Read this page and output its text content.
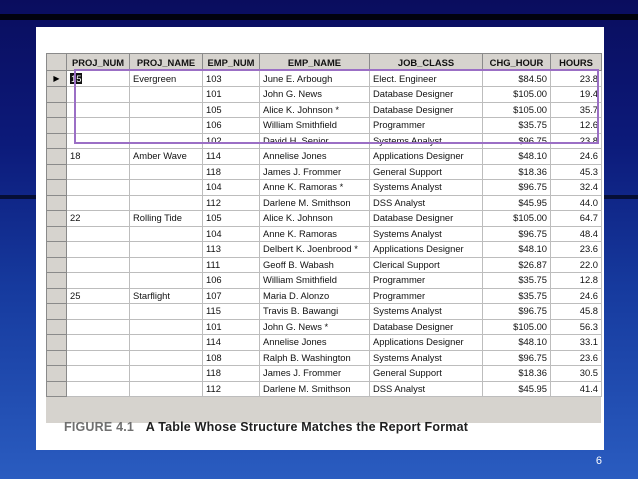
	PROJ_NUM	PROJ_NAME	EMP_NUM	EMP_NAME	JOB_CLASS	CHG_HOUR	HOURS
▶	15	Evergreen	103	June E. Arbough	Elect. Engineer	$84.50	23.8
			101	John G. News	Database Designer	$105.00	19.4
			105	Alice K. Johnson *	Database Designer	$105.00	35.7
			106	William Smithfield	Programmer	$35.75	12.6
			102	David H. Senior	Systems Analyst	$96.75	23.8
	18	Amber Wave	114	Annelise Jones	Applications Designer	$48.10	24.6
			118	James J. Frommer	General Support	$18.36	45.3
			104	Anne K. Ramoras *	Systems Analyst	$96.75	32.4
			112	Darlene M. Smithson	DSS Analyst	$45.95	44.0
	22	Rolling Tide	105	Alice K. Johnson	Database Designer	$105.00	64.7
			104	Anne K. Ramoras	Systems Analyst	$96.75	48.4
			113	Delbert K. Joenbrood *	Applications Designer	$48.10	23.6
			111	Geoff B. Wabash	Clerical Support	$26.87	22.0
			106	William Smithfield	Programmer	$35.75	12.8
	25	Starflight	107	Maria D. Alonzo	Programmer	$35.75	24.6
			115	Travis B. Bawangi	Systems Analyst	$96.75	45.8
			101	John G. News *	Database Designer	$105.00	56.3
			114	Annelise Jones	Applications Designer	$48.10	33.1
			108	Ralph B. Washington	Systems Analyst	$96.75	23.6
			118	James J. Frommer	General Support	$18.36	30.5
			112	Darlene M. Smithson	DSS Analyst	$45.95	41.4
FIGURE 4.1 A Table Whose Structure Matches the Report Format
6
